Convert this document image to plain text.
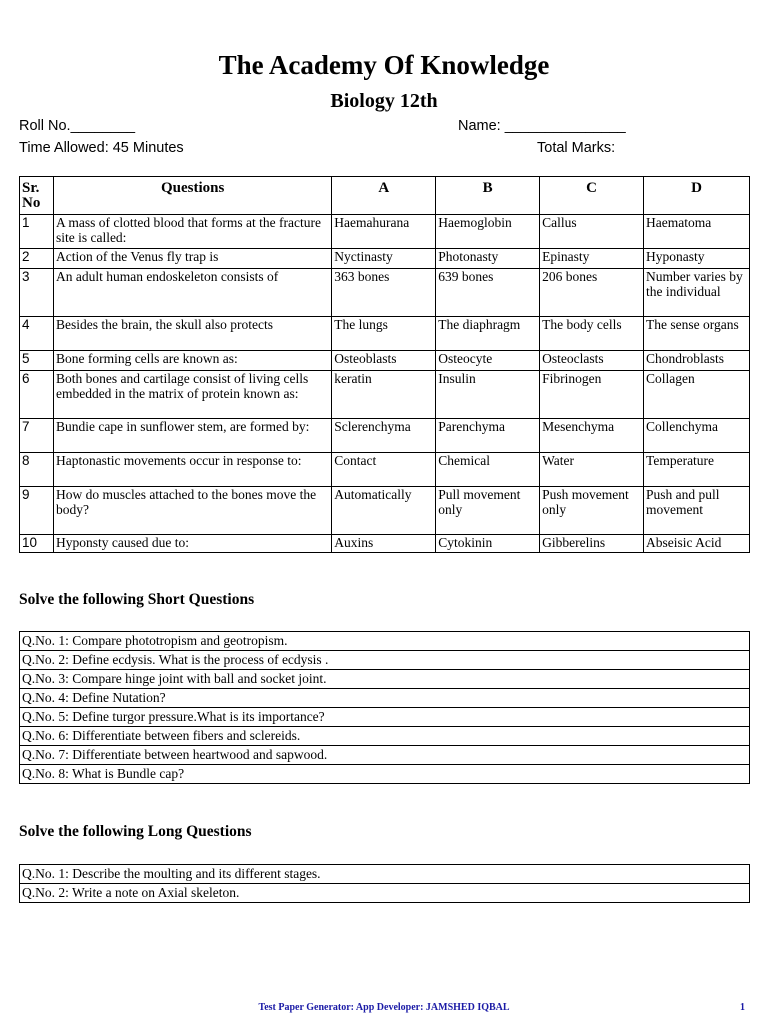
The Academy Of Knowledge
Biology 12th
Roll No.________	Name: _______________
Time Allowed: 45 Minutes	Total Marks:
Sr. No	Questions	A	B	C	D
1	A mass of clotted blood that forms at the fracture site is called:	Haemahurana	Haemoglobin	Callus	Haematoma
2	Action of the Venus fly trap is	Nyctinasty	Photonasty	Epinasty	Hyponasty
3	An adult human endoskeleton consists of	363 bones	639 bones	206 bones	Number varies by the individual
4	Besides the brain, the skull also protects	The lungs	The diaphragm	The body cells	The sense organs
5	Bone forming cells are known as:	Osteoblasts	Osteocyte	Osteoclasts	Chondroblasts
6	Both bones and cartilage consist of living cells embedded in the matrix of protein known as:	keratin	Insulin	Fibrinogen	Collagen
7	Bundie cape in sunflower stem, are formed by:	Sclerenchyma	Parenchyma	Mesenchyma	Collenchyma
8	Haptonastic movements occur in response to:	Contact	Chemical	Water	Temperature
9	How do muscles attached to the bones move the body?	Automatically	Pull movement only	Push movement only	Push and pull movement
10	Hyponsty caused due to:	Auxins	Cytokinin	Gibberelins	Abseisic Acid
Solve the following Short Questions
Q.No. 1: Compare phototropism and geotropism.
Q.No. 2: Define ecdysis. What is the process of ecdysis .
Q.No. 3: Compare hinge joint with ball and socket joint.
Q.No. 4: Define Nutation?
Q.No. 5: Define turgor pressure.What is its importance?
Q.No. 6: Differentiate between fibers and sclereids.
Q.No. 7: Differentiate between heartwood and sapwood.
Q.No. 8: What is Bundle cap?
Solve the following Long Questions
Q.No. 1: Describe the moulting and its different stages.
Q.No. 2: Write a note on Axial skeleton.
Test Paper Generator: App Developer: JAMSHED IQBAL	1
